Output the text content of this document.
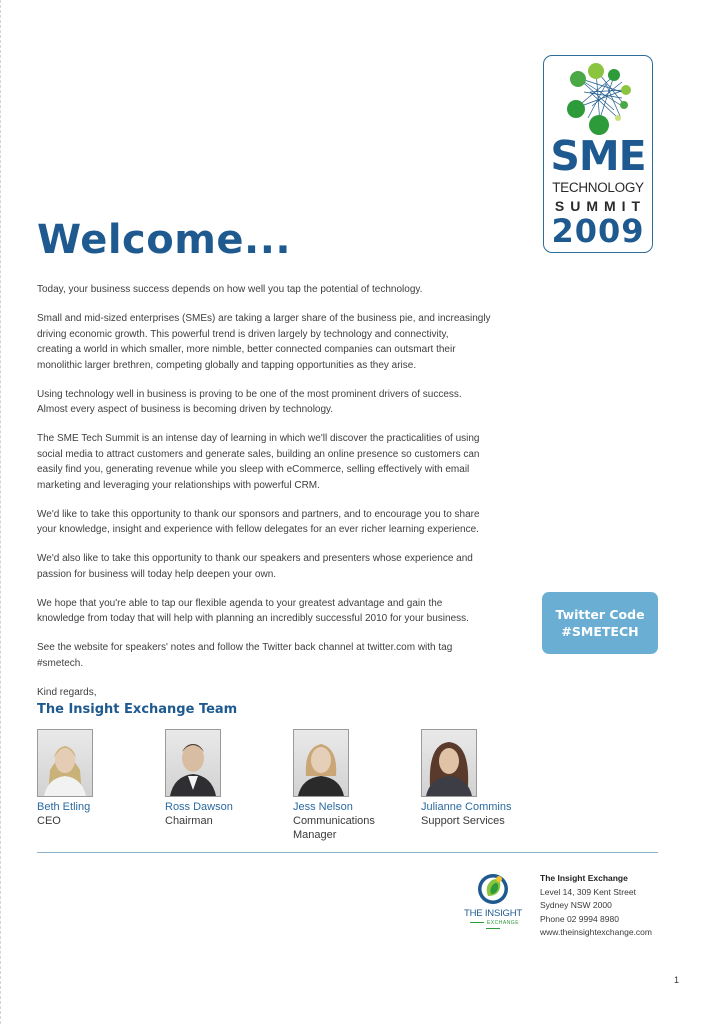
SME
TECHNOLOGY
SUMMIT
2009
Welcome...

Today, your business success depends on how well you tap the potential of technology.

Small and mid-sized enterprises (SMEs) are taking a larger share of the business pie, and increasingly
driving economic growth. This powerful trend is driven largely by technology and connectivity,
creating a world in which smaller, more nimble, better connected companies can outsmart their
monolithic larger brethren, competing globally and tapping opportunities as they arise.

Using technology well in business is proving to be one of the most prominent drivers of success.
Almost every aspect of business is becoming driven by technology.

The SME Tech Summit is an intense day of learning in which we'll discover the practicalities of using
social media to attract customers and generate sales, building an online presence so customers can
easily find you, generating revenue while you sleep with eCommerce, selling effectively with email
marketing and leveraging your relationships with powerful CRM.

We'd like to take this opportunity to thank our sponsors and partners, and to encourage you to share
your knowledge, insight and experience with fellow delegates for an ever richer learning experience.

We'd also like to take this opportunity to thank our speakers and presenters whose experience and
passion for business will today help deepen your own.

We hope that you're able to tap our flexible agenda to your greatest advantage and gain the
knowledge from today that will help with planning an incredibly successful 2010 for your business.

See the website for speakers' notes and follow the Twitter back channel at twitter.com with tag
#smetech.

Kind regards,

Twitter Code
#SMETECH
The Insight Exchange Team
Beth Etling
CEO
Ross Dawson
Chairman
Jess Nelson
Communications
Manager
Julianne Commins
Support Services
THE INSIGHT
EXCHANGE
The Insight Exchange
Level 14, 309 Kent Street
Sydney NSW 2000
Phone 02 9994 8980
www.theinsightexchange.com
1
